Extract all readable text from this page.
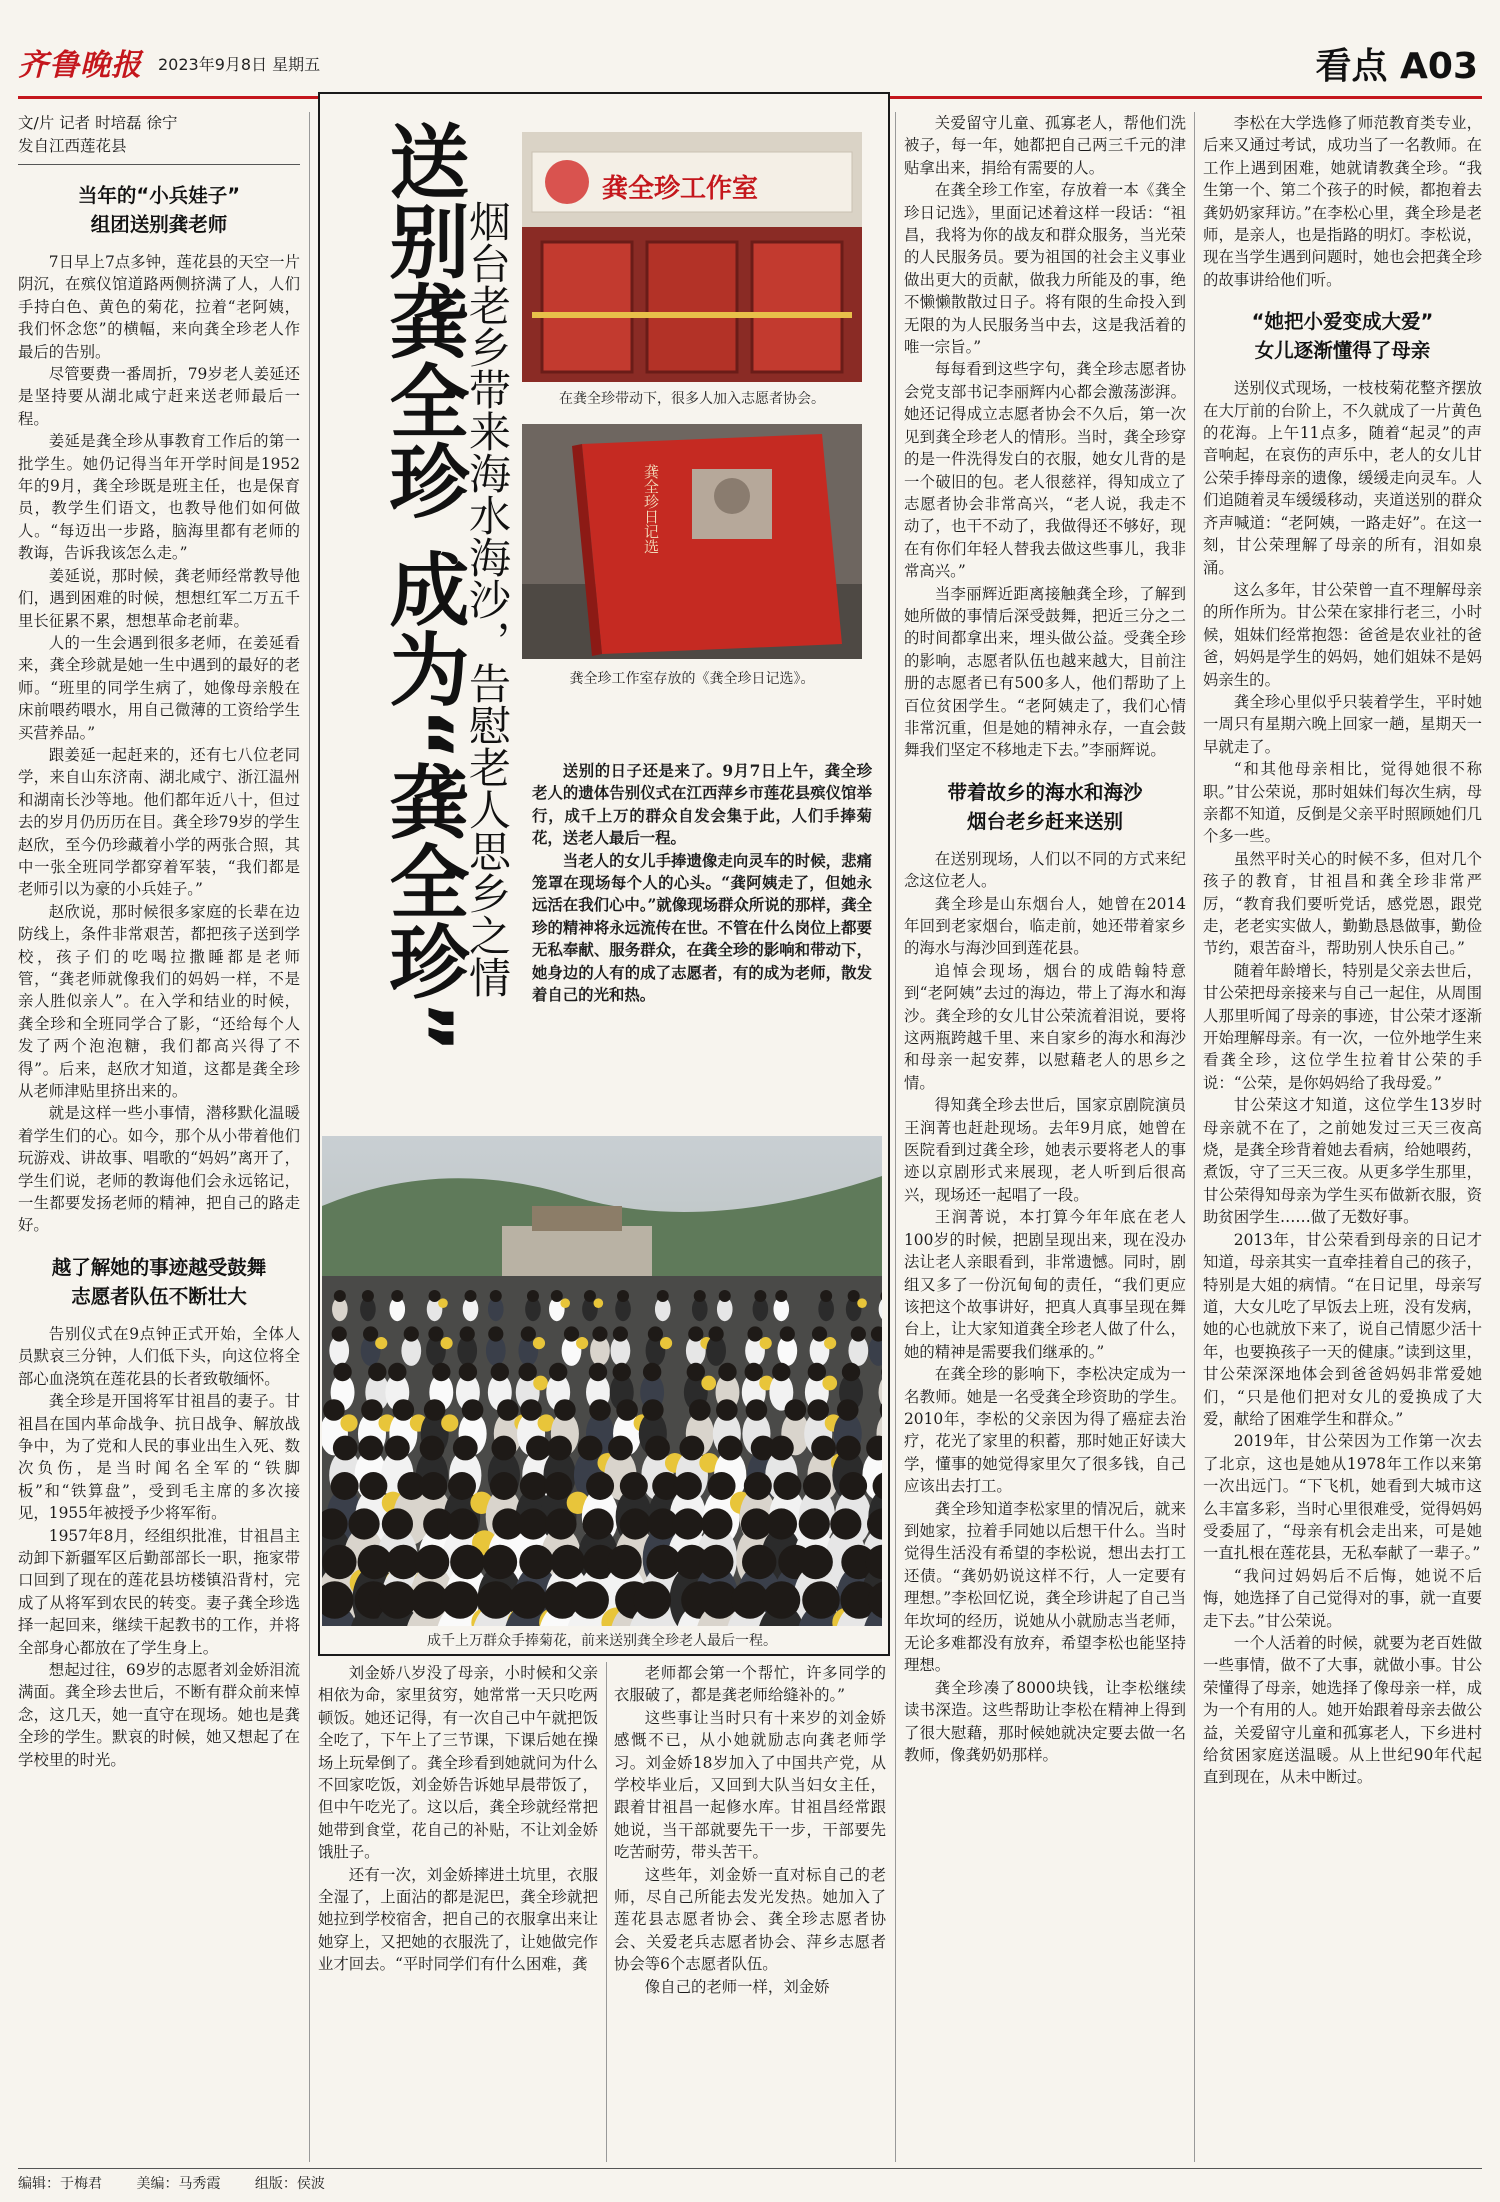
齐鲁晚报 2023年9月8日 星期五	看点 A03
文/片 记者 时培磊 徐宁
发自江西莲花县
当年的“小兵娃子”
组团送别龚老师

7日早上7点多钟，莲花县的天空一片阴沉，在殡仪馆道路两侧挤满了人，人们手持白色、黄色的菊花，拉着“老阿姨，我们怀念您”的横幅，来向龚全珍老人作最后的告别。

尽管要费一番周折，79岁老人姜延还是坚持要从湖北咸宁赶来送老师最后一程。

姜延是龚全珍从事教育工作后的第一批学生。她仍记得当年开学时间是1952年的9月，龚全珍既是班主任，也是保育员，教学生们语文，也教导他们如何做人。“每迈出一步路，脑海里都有老师的教诲，告诉我该怎么走。”

姜延说，那时候，龚老师经常教导他们，遇到困难的时候，想想红军二万五千里长征累不累，想想革命老前辈。

人的一生会遇到很多老师，在姜延看来，龚全珍就是她一生中遇到的最好的老师。“班里的同学生病了，她像母亲般在床前喂药喂水，用自己微薄的工资给学生买营养品。”

跟姜延一起赶来的，还有七八位老同学，来自山东济南、湖北咸宁、浙江温州和湖南长沙等地。他们都年近八十，但过去的岁月仍历历在目。龚全珍79岁的学生赵欣，至今仍珍藏着小学的两张合照，其中一张全班同学都穿着军装，“我们都是老师引以为豪的小兵娃子。”

赵欣说，那时候很多家庭的长辈在边防线上，条件非常艰苦，都把孩子送到学校，孩子们的吃喝拉撒睡都是老师管，“龚老师就像我们的妈妈一样，不是亲人胜似亲人”。在入学和结业的时候，龚全珍和全班同学合了影，“还给每个人发了两个泡泡糖，我们都高兴得了不得”。后来，赵欣才知道，这都是龚全珍从老师津贴里挤出来的。

就是这样一些小事情，潜移默化温暖着学生们的心。如今，那个从小带着他们玩游戏、讲故事、唱歌的“妈妈”离开了，学生们说，老师的教诲他们会永远铭记，一生都要发扬老师的精神，把自己的路走好。

越了解她的事迹越受鼓舞
志愿者队伍不断壮大

告别仪式在9点钟正式开始，全体人员默哀三分钟，人们低下头，向这位将全部心血浇筑在莲花县的长者致敬缅怀。

龚全珍是开国将军甘祖昌的妻子。甘祖昌在国内革命战争、抗日战争、解放战争中，为了党和人民的事业出生入死、数次负伤，是当时闻名全军的“铁脚板”和“铁算盘”，受到毛主席的多次接见，1955年被授予少将军衔。

1957年8月，经组织批准，甘祖昌主动卸下新疆军区后勤部部长一职，拖家带口回到了现在的莲花县坊楼镇沿背村，完成了从将军到农民的转变。妻子龚全珍选择一起回来，继续干起教书的工作，并将全部身心都放在了学生身上。

想起过往，69岁的志愿者刘金娇泪流满面。龚全珍去世后，不断有群众前来悼念，这几天，她一直守在现场。她也是龚全珍的学生。默哀的时候，她又想起了在学校里的时光。

送别龚全珍 成为“龚全珍”
烟台老乡带来海水海沙，告慰老人思乡之情
龚全珍工作室
在龚全珍带动下，很多人加入志愿者协会。
龚全珍日记选
龚全珍工作室存放的《龚全珍日记选》。

送别的日子还是来了。9月7日上午，龚全珍老人的遗体告别仪式在江西萍乡市莲花县殡仪馆举行，成千上万的群众自发会集于此，人们手捧菊花，送老人最后一程。

当老人的女儿手捧遗像走向灵车的时候，悲痛笼罩在现场每个人的心头。“龚阿姨走了，但她永远活在我们心中。”就像现场群众所说的那样，龚全珍的精神将永远流传在世。不管在什么岗位上都要无私奉献、服务群众，在龚全珍的影响和带动下，她身边的人有的成了志愿者，有的成为老师，散发着自己的光和热。

成千上万群众手捧菊花，前来送别龚全珍老人最后一程。

刘金娇八岁没了母亲，小时候和父亲相依为命，家里贫穷，她常常一天只吃两顿饭。她还记得，有一次自己中午就把饭全吃了，下午上了三节课，下课后她在操场上玩晕倒了。龚全珍看到她就问为什么不回家吃饭，刘金娇告诉她早晨带饭了，但中午吃光了。这以后，龚全珍就经常把她带到食堂，花自己的补贴，不让刘金娇饿肚子。

还有一次，刘金娇摔进土坑里，衣服全湿了，上面沾的都是泥巴，龚全珍就把她拉到学校宿舍，把自己的衣服拿出来让她穿上，又把她的衣服洗了，让她做完作业才回去。“平时同学们有什么困难，龚

老师都会第一个帮忙，许多同学的衣服破了，都是龚老师给缝补的。”

这些事让当时只有十来岁的刘金娇感慨不已，从小她就励志向龚老师学习。刘金娇18岁加入了中国共产党，从学校毕业后，又回到大队当妇女主任，跟着甘祖昌一起修水库。甘祖昌经常跟她说，当干部就要先干一步，干部要先吃苦耐劳，带头苦干。

这些年，刘金娇一直对标自己的老师，尽自己所能去发光发热。她加入了莲花县志愿者协会、龚全珍志愿者协会、关爱老兵志愿者协会、萍乡志愿者协会等6个志愿者队伍。

像自己的老师一样，刘金娇

关爱留守儿童、孤寡老人，帮他们洗被子，每一年，她都把自己两三千元的津贴拿出来，捐给有需要的人。

在龚全珍工作室，存放着一本《龚全珍日记选》，里面记述着这样一段话：“祖昌，我将为你的战友和群众服务，当光荣的人民服务员。要为祖国的社会主义事业做出更大的贡献，做我力所能及的事，绝不懒懒散散过日子。将有限的生命投入到无限的为人民服务当中去，这是我活着的唯一宗旨。”

每每看到这些字句，龚全珍志愿者协会党支部书记李丽辉内心都会激荡澎湃。她还记得成立志愿者协会不久后，第一次见到龚全珍老人的情形。当时，龚全珍穿的是一件洗得发白的衣服，她女儿背的是一个破旧的包。老人很慈祥，得知成立了志愿者协会非常高兴，“老人说，我走不动了，也干不动了，我做得还不够好，现在有你们年轻人替我去做这些事儿，我非常高兴。”

当李丽辉近距离接触龚全珍，了解到她所做的事情后深受鼓舞，把近三分之二的时间都拿出来，埋头做公益。受龚全珍的影响，志愿者队伍也越来越大，目前注册的志愿者已有500多人，他们帮助了上百位贫困学生。“老阿姨走了，我们心情非常沉重，但是她的精神永存，一直会鼓舞我们坚定不移地走下去。”李丽辉说。

带着故乡的海水和海沙
烟台老乡赶来送别

在送别现场，人们以不同的方式来纪念这位老人。

龚全珍是山东烟台人，她曾在2014年回到老家烟台，临走前，她还带着家乡的海水与海沙回到莲花县。

追悼会现场，烟台的成皓翰特意到“老阿姨”去过的海边，带上了海水和海沙。龚全珍的女儿甘公荣流着泪说，要将这两瓶跨越千里、来自家乡的海水和海沙和母亲一起安葬，以慰藉老人的思乡之情。

得知龚全珍去世后，国家京剧院演员王润菁也赶赴现场。去年9月底，她曾在医院看到过龚全珍，她表示要将老人的事迹以京剧形式来展现，老人听到后很高兴，现场还一起唱了一段。

王润菁说，本打算今年年底在老人100岁的时候，把剧呈现出来，现在没办法让老人亲眼看到，非常遗憾。同时，剧组又多了一份沉甸甸的责任，“我们更应该把这个故事讲好，把真人真事呈现在舞台上，让大家知道龚全珍老人做了什么，她的精神是需要我们继承的。”

在龚全珍的影响下，李松决定成为一名教师。她是一名受龚全珍资助的学生。2010年，李松的父亲因为得了癌症去治疗，花光了家里的积蓄，那时她正好读大学，懂事的她觉得家里欠了很多钱，自己应该出去打工。

龚全珍知道李松家里的情况后，就来到她家，拉着手同她以后想干什么。当时觉得生活没有希望的李松说，想出去打工还债。“龚奶奶说这样不行，人一定要有理想。”李松回忆说，龚全珍讲起了自己当年坎坷的经历，说她从小就励志当老师，无论多难都没有放弃，希望李松也能坚持理想。

龚全珍凑了8000块钱，让李松继续读书深造。这些帮助让李松在精神上得到了很大慰藉，那时候她就决定要去做一名教师，像龚奶奶那样。

李松在大学选修了师范教育类专业，后来又通过考试，成功当了一名教师。在工作上遇到困难，她就请教龚全珍。“我生第一个、第二个孩子的时候，都抱着去龚奶奶家拜访。”在李松心里，龚全珍是老师，是亲人，也是指路的明灯。李松说，现在当学生遇到问题时，她也会把龚全珍的故事讲给他们听。

“她把小爱变成大爱”
女儿逐渐懂得了母亲

送别仪式现场，一枝枝菊花整齐摆放在大厅前的台阶上，不久就成了一片黄色的花海。上午11点多，随着“起灵”的声音响起，在哀伤的声乐中，老人的女儿甘公荣手捧母亲的遗像，缓缓走向灵车。人们追随着灵车缓缓移动，夹道送别的群众齐声喊道：“老阿姨，一路走好”。在这一刻，甘公荣理解了母亲的所有，泪如泉涌。

这么多年，甘公荣曾一直不理解母亲的所作所为。甘公荣在家排行老三，小时候，姐妹们经常抱怨：爸爸是农业社的爸爸，妈妈是学生的妈妈，她们姐妹不是妈妈亲生的。

龚全珍心里似乎只装着学生，平时她一周只有星期六晚上回家一趟，星期天一早就走了。

“和其他母亲相比，觉得她很不称职。”甘公荣说，那时姐妹们每次生病，母亲都不知道，反倒是父亲平时照顾她们几个多一些。

虽然平时关心的时候不多，但对几个孩子的教育，甘祖昌和龚全珍非常严厉，“教育我们要听党话，感党恩，跟党走，老老实实做人，勤勤恳恳做事，勤俭节约，艰苦奋斗，帮助别人快乐自己。”

随着年龄增长，特别是父亲去世后，甘公荣把母亲接来与自己一起住，从周围人那里听闻了母亲的事迹，甘公荣才逐渐开始理解母亲。有一次，一位外地学生来看龚全珍，这位学生拉着甘公荣的手说：“公荣，是你妈妈给了我母爱。”

甘公荣这才知道，这位学生13岁时母亲就不在了，之前她发过三天三夜高烧，是龚全珍背着她去看病，给她喂药，煮饭，守了三天三夜。从更多学生那里，甘公荣得知母亲为学生买布做新衣服，资助贫困学生……做了无数好事。

2013年，甘公荣看到母亲的日记才知道，母亲其实一直牵挂着自己的孩子，特别是大姐的病情。“在日记里，母亲写道，大女儿吃了早饭去上班，没有发病，她的心也就放下来了，说自己情愿少活十年，也要换孩子一天的健康。”读到这里，甘公荣深深地体会到爸爸妈妈非常爱她们，“只是他们把对女儿的爱换成了大爱，献给了困难学生和群众。”

2019年，甘公荣因为工作第一次去了北京，这也是她从1978年工作以来第一次出远门。“下飞机，她看到大城市这么丰富多彩，当时心里很难受，觉得妈妈受委屈了，“母亲有机会走出来，可是她一直扎根在莲花县，无私奉献了一辈子。”

“我问过妈妈后不后悔，她说不后悔，她选择了自己觉得对的事，就一直要走下去。”甘公荣说。

一个人活着的时候，就要为老百姓做一些事情，做不了大事，就做小事。甘公荣懂得了母亲，她选择了像母亲一样，成为一个有用的人。她开始跟着母亲去做公益，关爱留守儿童和孤寡老人，下乡进村给贫困家庭送温暖。从上世纪90年代起直到现在，从未中断过。

编辑：于梅君 美编：马秀霞 组版：侯波
